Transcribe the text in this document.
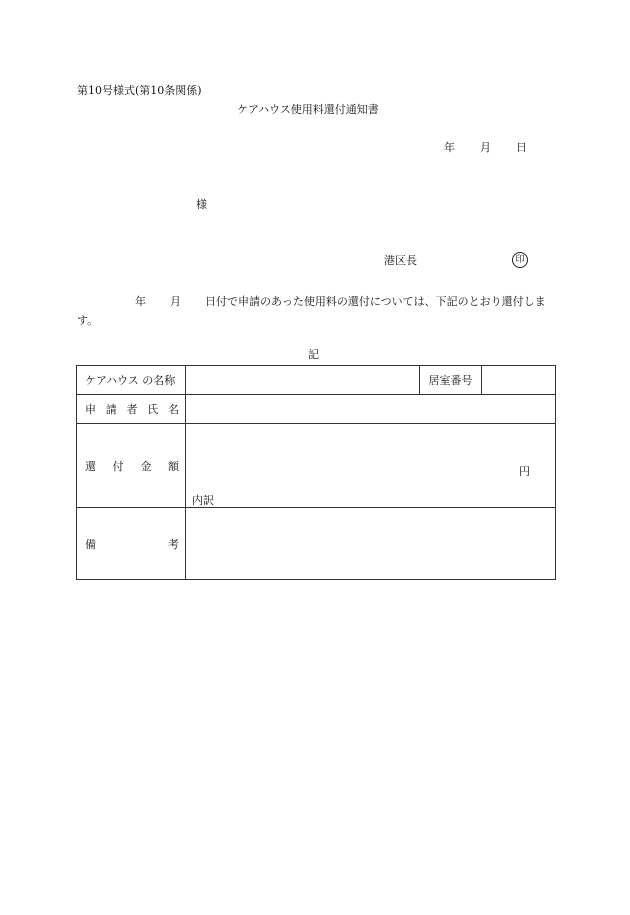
第10号様式(第10条関係)
ケアハウス使用料還付通知書
年 月 日
様
港区長	印
年 月 日付で申請のあった使用料の還付については、下記のとおり還付します。
記
ケアハウス の名称		居室番号	

申 請 者 氏 名			

還 付 金 額	円
内訳		

備 考			
